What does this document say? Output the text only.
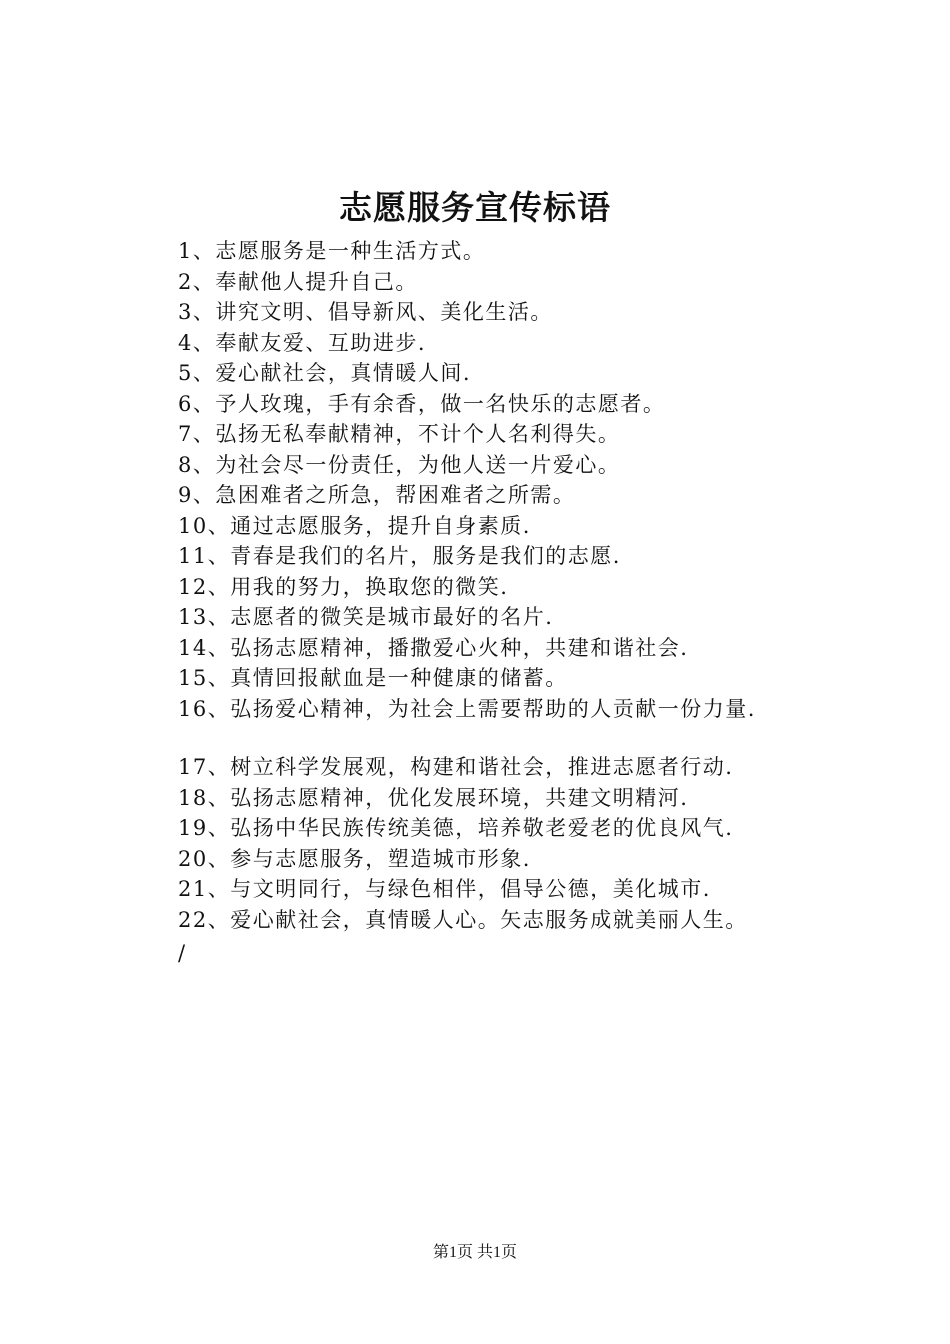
志愿服务宣传标语
1、志愿服务是一种生活方式。
2、奉献他人提升自己。
3、讲究文明、倡导新风、美化生活。
4、奉献友爱、互助进步.
5、爱心献社会，真情暖人间.
6、予人玫瑰，手有余香，做一名快乐的志愿者。
7、弘扬无私奉献精神，不计个人名利得失。
8、为社会尽一份责任，为他人送一片爱心。
9、急困难者之所急，帮困难者之所需。
10、通过志愿服务，提升自身素质.
11、青春是我们的名片，服务是我们的志愿.
12、用我的努力，换取您的微笑.
13、志愿者的微笑是城市最好的名片.
14、弘扬志愿精神，播撒爱心火种，共建和谐社会.
15、真情回报献血是一种健康的储蓄。
16、弘扬爱心精神，为社会上需要帮助的人贡献一份力量.
17、树立科学发展观，构建和谐社会，推进志愿者行动.
18、弘扬志愿精神，优化发展环境，共建文明精河.
19、弘扬中华民族传统美德，培养敬老爱老的优良风气.
20、参与志愿服务，塑造城市形象.
21、与文明同行，与绿色相伴，倡导公德，美化城市.
22、爱心献社会，真情暖人心。矢志服务成就美丽人生。
/
第1页 共1页
